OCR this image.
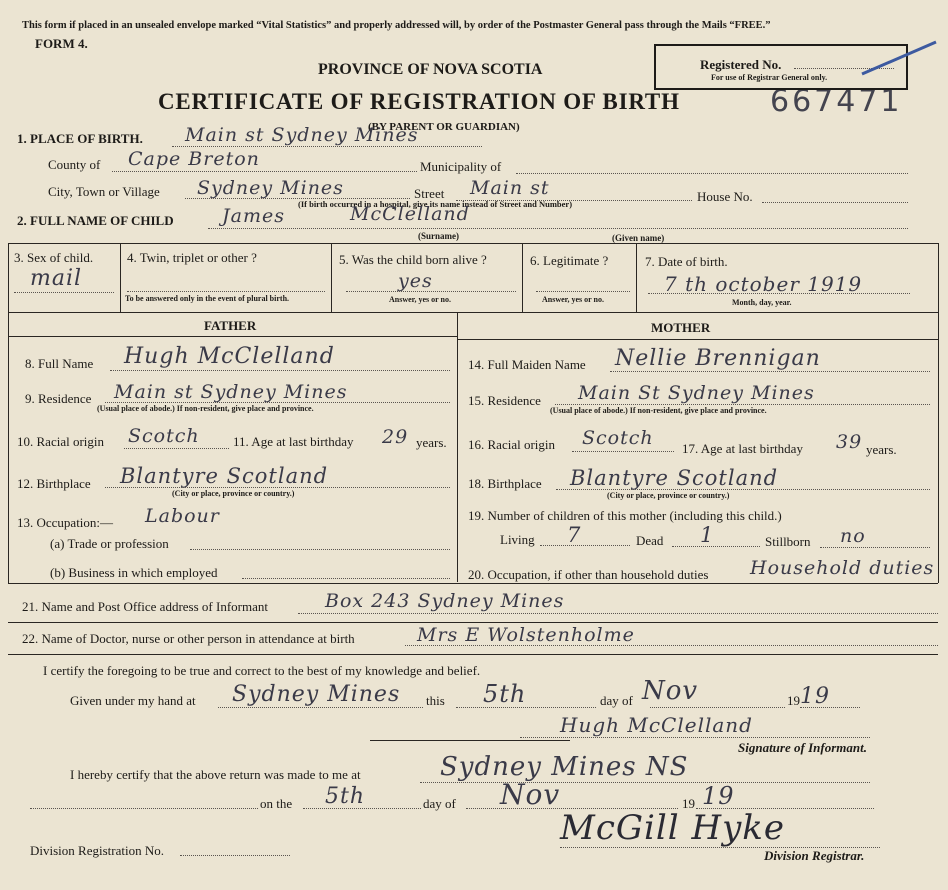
This form if placed in an unsealed envelope marked “Vital Statistics” and properly addressed will, by order of the Postmaster General pass through the Mails “FREE.”
FORM 4.
PROVINCE OF NOVA SCOTIA
CERTIFICATE OF REGISTRATION OF BIRTH	667471
(BY PARENT OR GUARDIAN)
Registered No.
For use of Registrar General only.
1. PLACE OF BIRTH. Main st Sydney Mines
County of Cape Breton	Municipality of
City, Town or Village Sydney Mines	Street Main st	House No.
(If birth occurred in a hospital, give its name instead of Street and Number)
2. FULL NAME OF CHILD	James	McClelland
(Surname)	(Given name)
3. Sex of child.
mail
4. Twin, triplet or other ?
To be answered only in the event of plural birth.
5. Was the child born alive ?
yes
Answer, yes or no.
6. Legitimate ?
Answer, yes or no.
7. Date of birth.
7 th october 1919
Month, day, year.
FATHER	MOTHER
8. Full Name Hugh McClelland
9. Residence Main st Sydney Mines
(Usual place of abode.) If non-resident, give place and province.
10. Racial origin Scotch	11. Age at last birthday 29 years.
12. Birthplace Blantyre Scotland
(City or place, province or country.)
13. Occupation:— Labour
(a) Trade or profession
(b) Business in which employed
14. Full Maiden Name Nellie Brennigan
15. Residence Main St Sydney Mines
(Usual place of abode.) If non-resident, give place and province.
16. Racial origin Scotch 17. Age at last birthday 39 years.
18. Birthplace Blantyre Scotland
(City or place, province or country.)
19. Number of children of this mother (including this child.)
Living 7	Dead 1	Stillborn no
20. Occupation, if other than household duties Household duties
21. Name and Post Office address of Informant	Box 243 Sydney Mines
22. Name of Doctor, nurse or other person in attendance at birth	Mrs E Wolstenholme
I certify the foregoing to be true and correct to the best of my knowledge and belief.
Given under my hand at Sydney Mines this 5th	day of Nov	19 19
Hugh McClelland
Signature of Informant.
I hereby certify that the above return was made to me at	Sydney Mines NS
on the 5th	day of Nov	19 19
McGill Hyke
Division Registrar.
Division Registration No.
